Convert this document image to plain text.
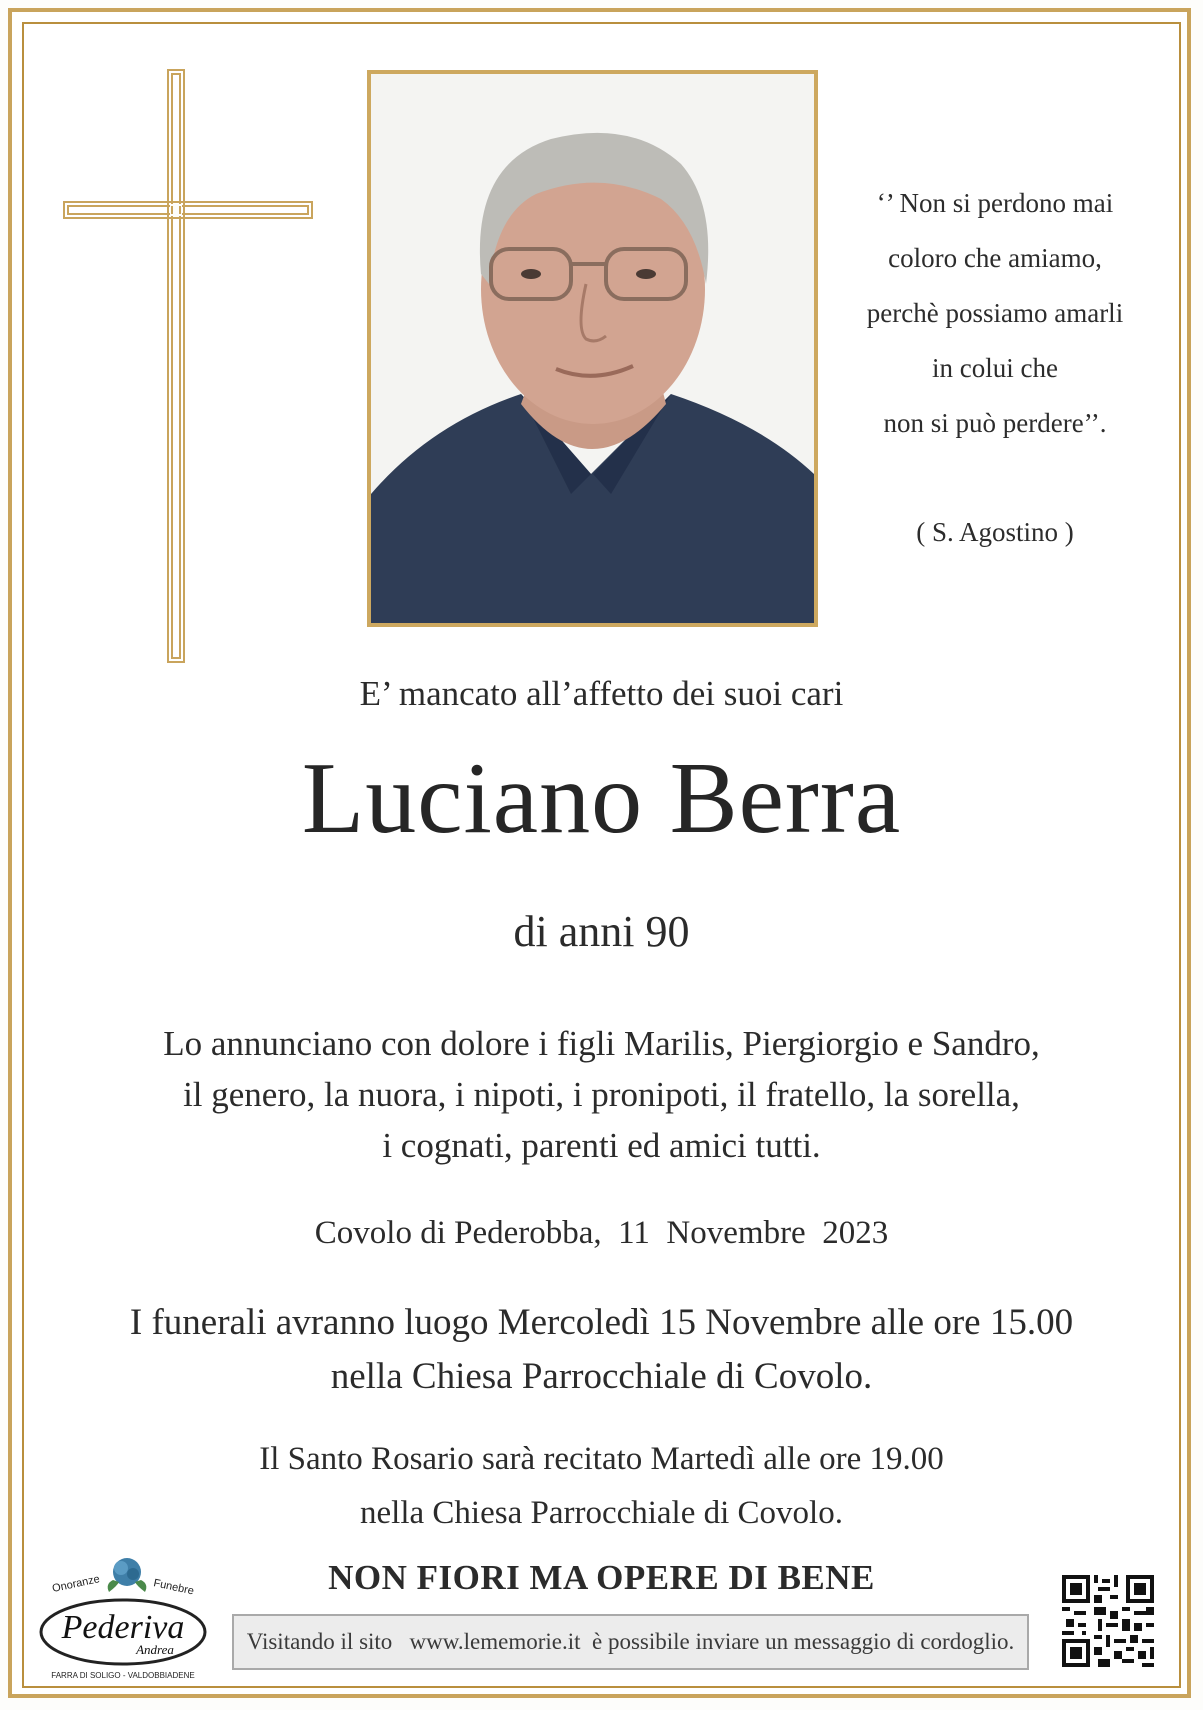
‘’ Non si perdono mai
coloro che amiamo,
perchè possiamo amarli
in colui che
non si può perdere’’.
( S. Agostino )
E’ mancato all’affetto dei suoi cari
Luciano Berra
di anni 90
Lo annunciano con dolore i figli Marilis, Piergiorgio e Sandro,
il genero, la nuora, i nipoti, i pronipoti, il fratello, la sorella,
i cognati, parenti ed amici tutti.
Covolo di Pederobba,  11  Novembre  2023
I funerali avranno luogo Mercoledì 15 Novembre alle ore 15.00
nella Chiesa Parrocchiale di Covolo.
Il Santo Rosario sarà recitato Martedì alle ore 19.00
nella Chiesa Parrocchiale di Covolo.
NON FIORI MA OPERE DI BENE
Visitando il sito   www.lememorie.it  è possibile inviare un messaggio di cordoglio.
Onoranze	Funebre
Pederiva
Andrea
FARRA DI SOLIGO - VALDOBBIADENE
